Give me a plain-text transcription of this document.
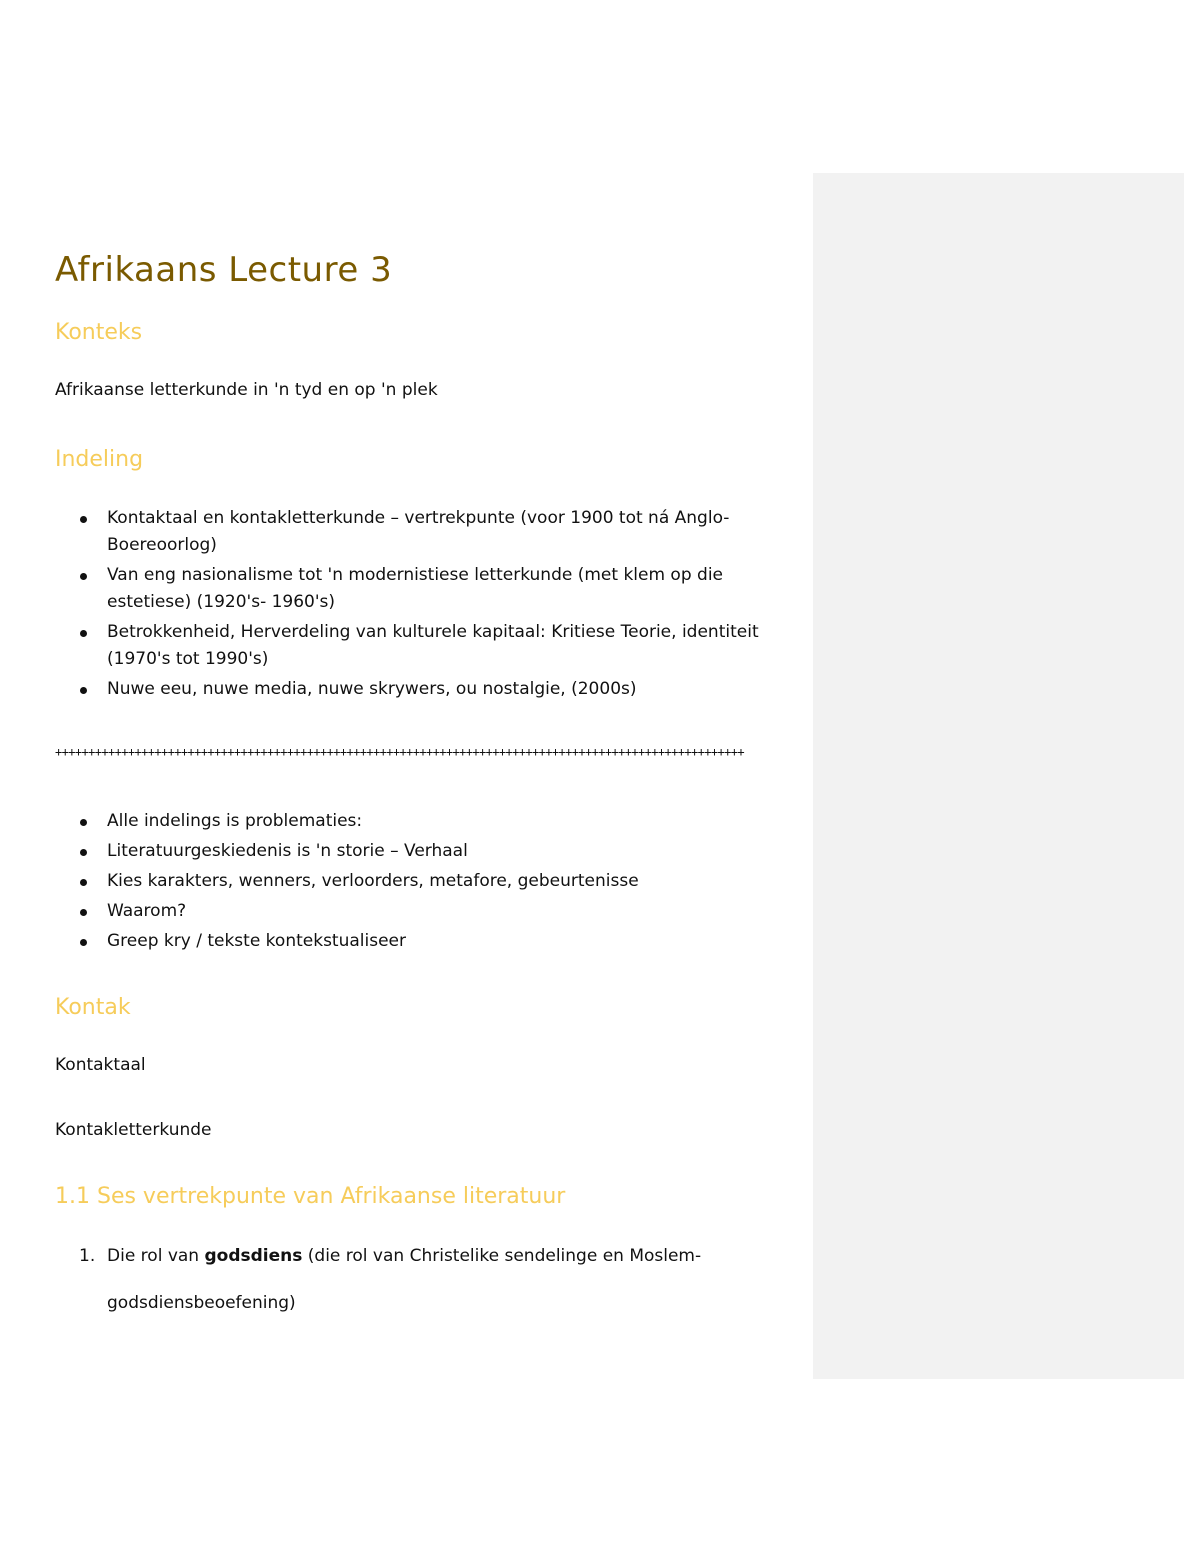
Afrikaans Lecture 3
Konteks

Afrikaanse letterkunde in 'n tyd en op 'n plek

Indeling
Kontaktaal en kontakletterkunde – vertrekpunte (voor 1900 tot ná Anglo-Boereoorlog)
Van eng nasionalisme tot 'n modernistiese letterkunde (met klem op die estetiese) (1920's- 1960's)
Betrokkenheid, Herverdeling van kulturele kapitaal: Kritiese Teorie, identiteit (1970's tot 1990's)
Nuwe eeu, nuwe media, nuwe skrywers, ou nostalgie, (2000s)

++++++++++++++++++++++++++++++++++++++++++++++++++++++++++++++++++++++++++++++++++++++++++++++++++++++++

Alle indelings is problematies:
Literatuurgeskiedenis is 'n storie – Verhaal
Kies karakters, wenners, verloorders, metafore, gebeurtenisse
Waarom?
Greep kry / tekste kontekstualiseer
Kontak

Kontaktaal

Kontakletterkunde

1.1 Ses vertrekpunte van Afrikaanse literatuur
1. Die rol van godsdiens (die rol van Christelike sendelinge en Moslem-godsdiensbeoefening)
